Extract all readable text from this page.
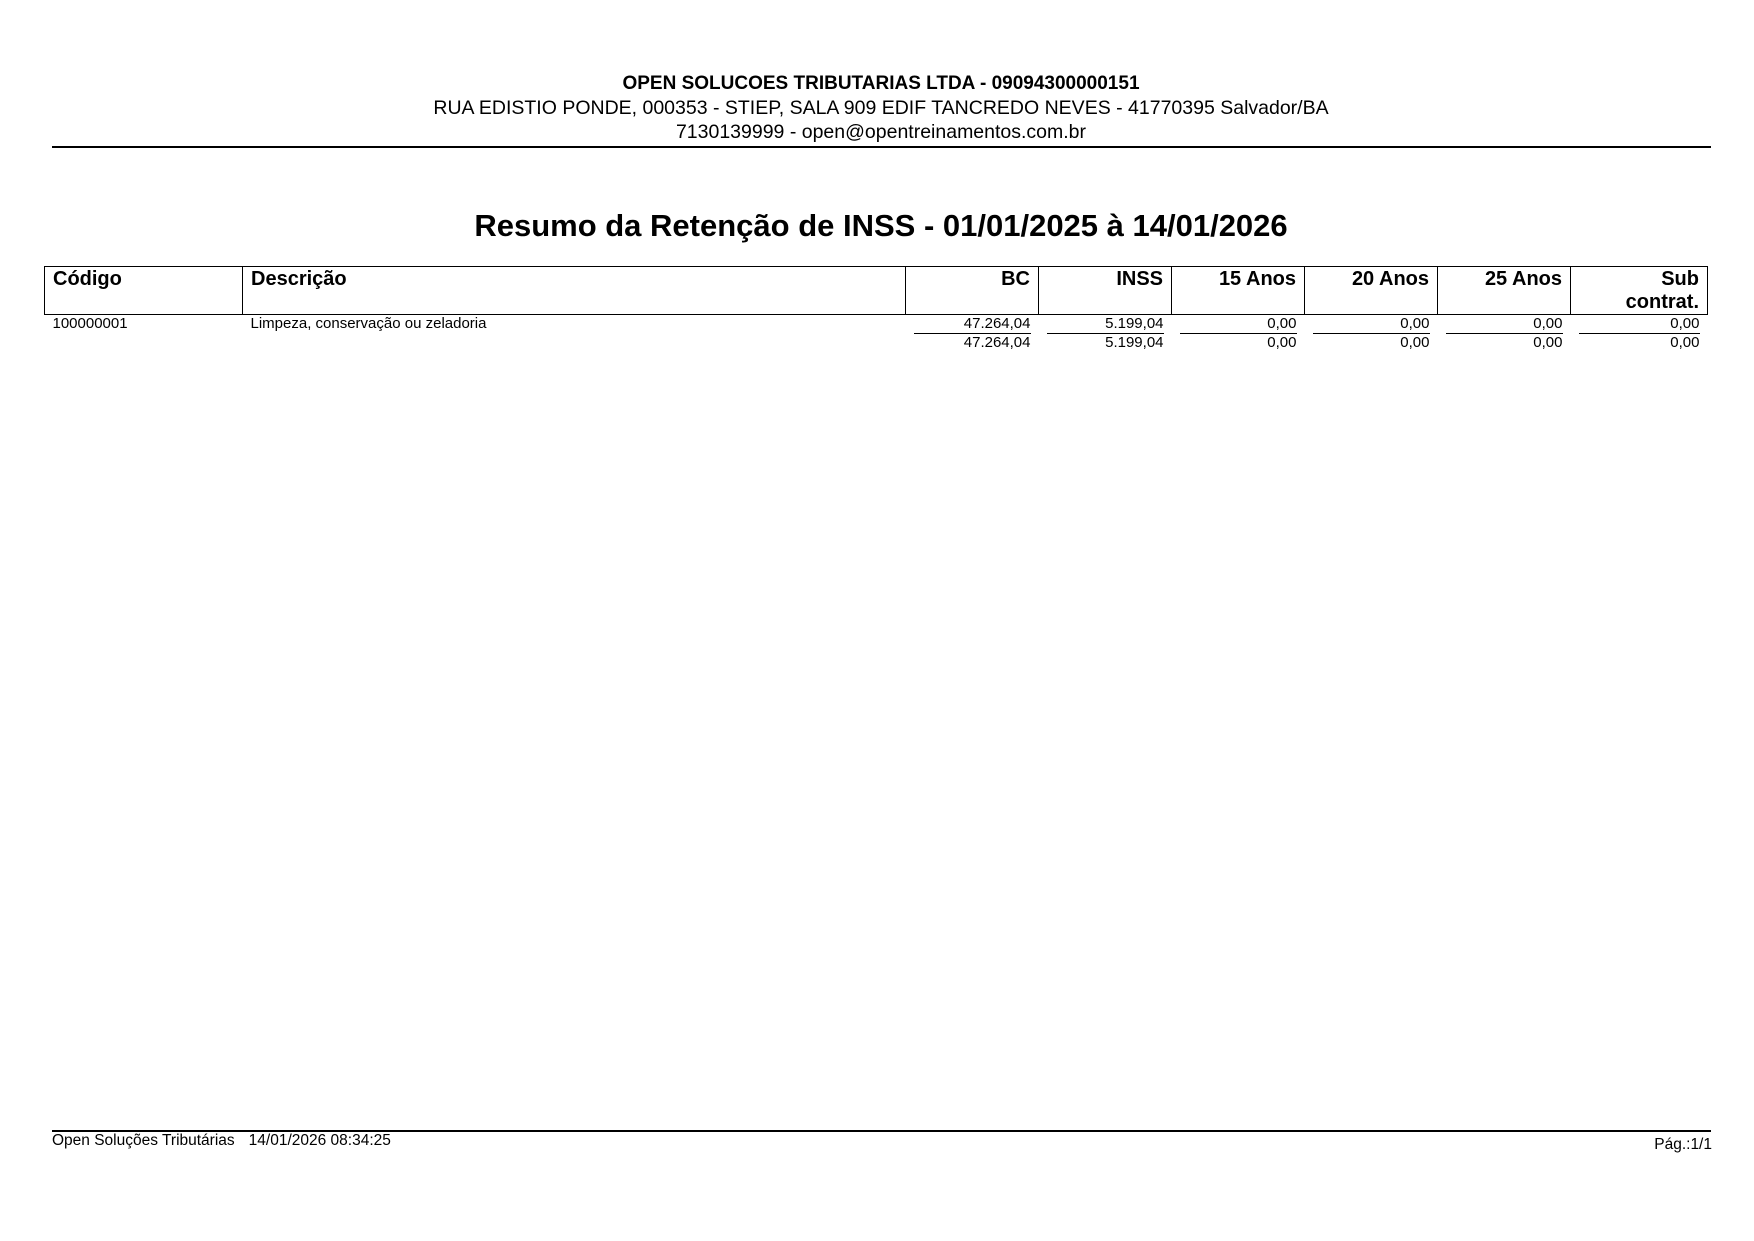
OPEN SOLUCOES TRIBUTARIAS LTDA - 09094300000151
RUA EDISTIO PONDE, 000353 - STIEP, SALA 909 EDIF TANCREDO NEVES - 41770395 Salvador/BA
7130139999 - open@opentreinamentos.com.br
Resumo da Retenção de INSS - 01/01/2025 à 14/01/2026
Código	Descrição	BC	INSS	15 Anos	20 Anos	25 Anos	Sub
contrat.

100000001	Limpeza, conservação ou zeladoria	47.264,04	5.199,04	0,00	0,00	0,00	0,00

		47.264,04	5.199,04	0,00	0,00	0,00	0,00
Open Soluções Tributárias 14/01/2026 08:34:25	Pág.:1/1
